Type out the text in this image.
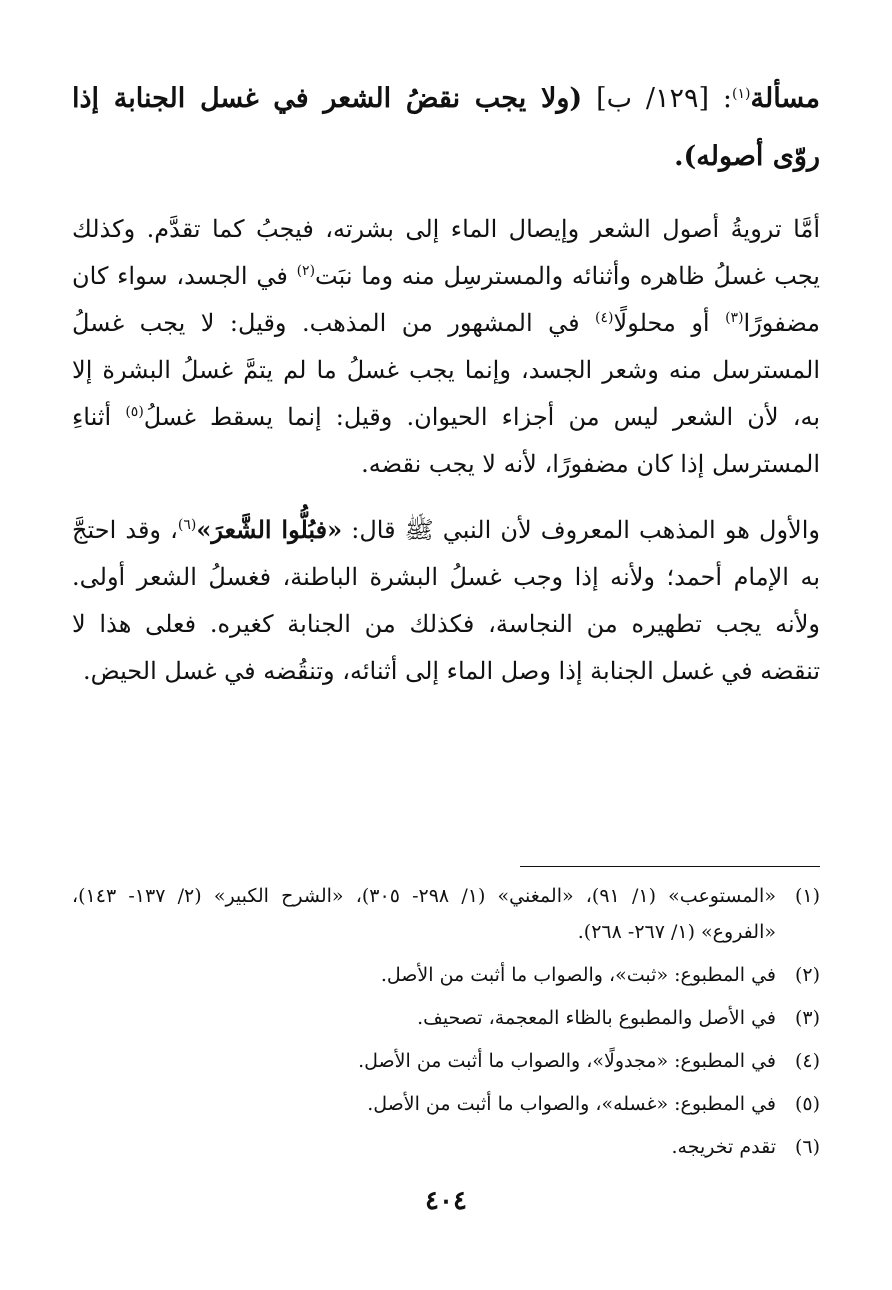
مسألة$^{(١)}$: [١٢٩/ ب] (ولا يجب نقضُ الشعر في غسل الجنابة إذا روّى أصوله).

أمَّا ترويةُ أصول الشعر وإيصال الماء إلى بشرته، فيجبُ كما تقدَّم. وكذلك يجب غسلُ ظاهره وأثنائه والمسترسِل منه وما نبَت$^{(٢)}$ في الجسد، سواء كان مضفورًا$^{(٣)}$ أو محلولًا$^{(٤)}$ في المشهور من المذهب. وقيل: لا يجب غسلُ المسترسل منه وشعر الجسد، وإنما يجب غسلُ ما لم يتمَّ غسلُ البشرة إلا به، لأن الشعر ليس من أجزاء الحيوان. وقيل: إنما يسقط غسلُ$^{(٥)}$ أثناءِ المسترسل إذا كان مضفورًا، لأنه لا يجب نقضه.

والأول هو المذهب المعروف لأن النبي ﷺ قال: «فبُلُّوا الشَّعرَ»$^{(٦)}$، وقد احتجَّ به الإمام أحمد؛ ولأنه إذا وجب غسلُ البشرة الباطنة، فغسلُ الشعر أولى. ولأنه يجب تطهيره من النجاسة، فكذلك من الجنابة كغيره. فعلى هذا لا تنقضه في غسل الجنابة إذا وصل الماء إلى أثنائه، وتنقُضه في غسل الحيض.

(١)
«المستوعب» (١/ ٩١)، «المغني» (١/ ٢٩٨- ٣٠٥)، «الشرح الكبير» (٢/ ١٣٧- ١٤٣)، «الفروع» (١/ ٢٦٧- ٢٦٨).
(٢)
في المطبوع: «ثبت»، والصواب ما أثبت من الأصل.
(٣)
في الأصل والمطبوع بالظاء المعجمة، تصحيف.
(٤)
في المطبوع: «مجدولًا»، والصواب ما أثبت من الأصل.
(٥)
في المطبوع: «غسله»، والصواب ما أثبت من الأصل.
(٦)
تقدم تخريجه.
٤٠٤
